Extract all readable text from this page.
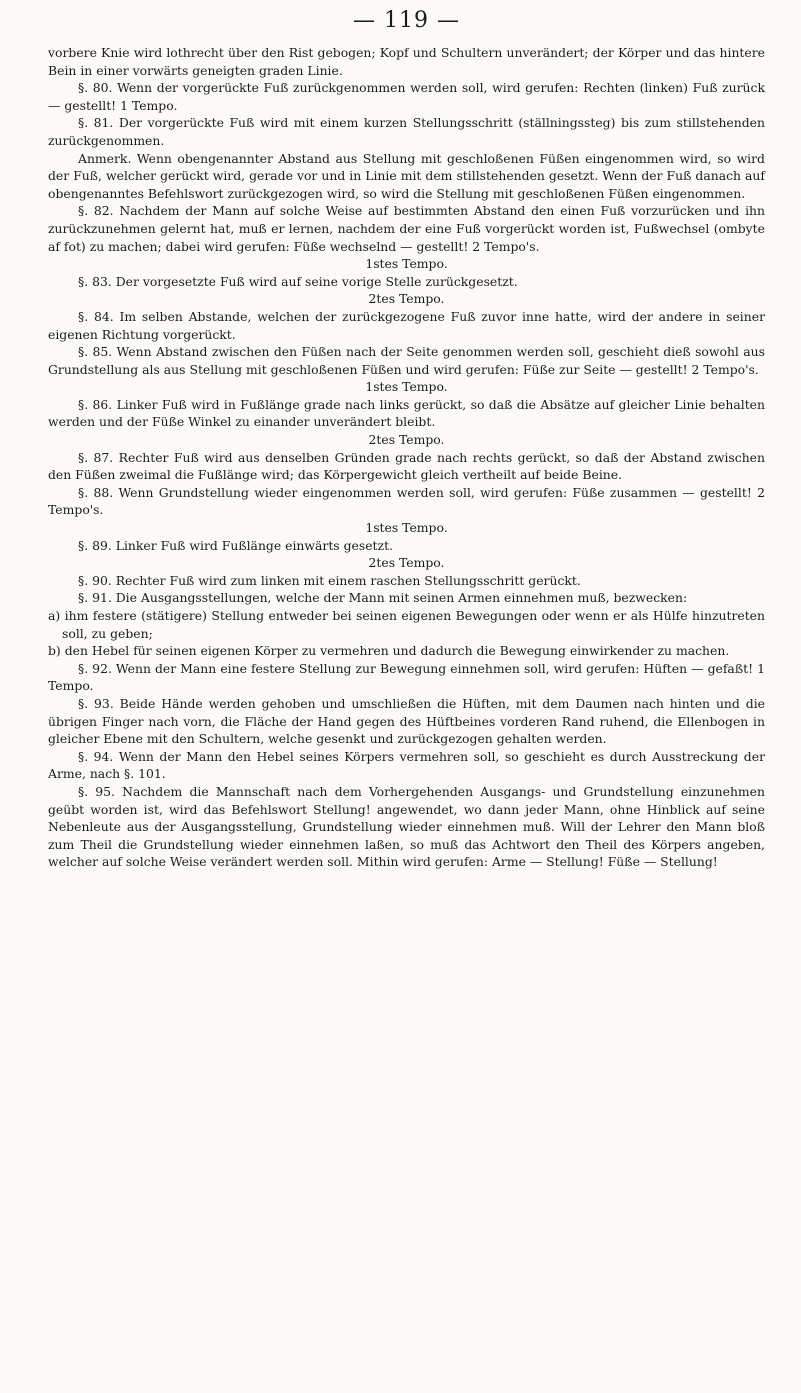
— 119 —

vorbere Knie wird lothrecht über den Rist gebogen; Kopf und Schultern unverändert; der Körper und das hintere Bein in einer vorwärts geneigten graden Linie.

§. 80. Wenn der vorgerückte Fuß zurückgenommen werden soll, wird gerufen: Rechten (linken) Fuß zurück — gestellt! 1 Tempo.

§. 81. Der vorgerückte Fuß wird mit einem kurzen Stellungsschritt (ställningssteg) bis zum stillstehenden zurückgenommen.

Anmerk. Wenn obengenannter Abstand aus Stellung mit geschloßenen Füßen eingenommen wird, so wird der Fuß, welcher gerückt wird, gerade vor und in Linie mit dem stillstehenden gesetzt. Wenn der Fuß danach auf obengenanntes Befehlswort zurückgezogen wird, so wird die Stellung mit geschloßenen Füßen eingenommen.

§. 82. Nachdem der Mann auf solche Weise auf bestimmten Abstand den einen Fuß vorzurücken und ihn zurückzunehmen gelernt hat, muß er lernen, nachdem der eine Fuß vorgerückt worden ist, Fußwechsel (ombyte af fot) zu machen; dabei wird gerufen: Füße wechselnd — gestellt! 2 Tempo's.

1stes Tempo.

§. 83. Der vorgesetzte Fuß wird auf seine vorige Stelle zurückgesetzt.

2tes Tempo.

§. 84. Im selben Abstande, welchen der zurückgezogene Fuß zuvor inne hatte, wird der andere in seiner eigenen Richtung vorgerückt.

§. 85. Wenn Abstand zwischen den Füßen nach der Seite genommen werden soll, geschieht dieß sowohl aus Grundstellung als aus Stellung mit geschloßenen Füßen und wird gerufen: Füße zur Seite — gestellt! 2 Tempo's.

1stes Tempo.

§. 86. Linker Fuß wird in Fußlänge grade nach links gerückt, so daß die Absätze auf gleicher Linie behalten werden und der Füße Winkel zu einander unverändert bleibt.

2tes Tempo.

§. 87. Rechter Fuß wird aus denselben Gründen grade nach rechts gerückt, so daß der Abstand zwischen den Füßen zweimal die Fußlänge wird; das Körpergewicht gleich vertheilt auf beide Beine.

§. 88. Wenn Grundstellung wieder eingenommen werden soll, wird gerufen: Füße zusammen — gestellt! 2 Tempo's.

1stes Tempo.

§. 89. Linker Fuß wird Fußlänge einwärts gesetzt.

2tes Tempo.

§. 90. Rechter Fuß wird zum linken mit einem raschen Stellungsschritt gerückt.

§. 91. Die Ausgangsstellungen, welche der Mann mit seinen Armen einnehmen muß, bezwecken:

a) ihm festere (stätigere) Stellung entweder bei seinen eigenen Bewegungen oder wenn er als Hülfe hinzutreten soll, zu geben;

b) den Hebel für seinen eigenen Körper zu vermehren und dadurch die Bewegung einwirkender zu machen.

§. 92. Wenn der Mann eine festere Stellung zur Bewegung einnehmen soll, wird gerufen: Hüften — gefaßt! 1 Tempo.

§. 93. Beide Hände werden gehoben und umschließen die Hüften, mit dem Daumen nach hinten und die übrigen Finger nach vorn, die Fläche der Hand gegen des Hüftbeines vorderen Rand ruhend, die Ellenbogen in gleicher Ebene mit den Schultern, welche gesenkt und zurückgezogen gehalten werden.

§. 94. Wenn der Mann den Hebel seines Körpers vermehren soll, so geschieht es durch Ausstreckung der Arme, nach §. 101.

§. 95. Nachdem die Mannschaft nach dem Vorhergehenden Ausgangs- und Grundstellung einzunehmen geübt worden ist, wird das Befehlswort Stellung! angewendet, wo dann jeder Mann, ohne Hinblick auf seine Nebenleute aus der Ausgangsstellung, Grundstellung wieder einnehmen muß. Will der Lehrer den Mann bloß zum Theil die Grundstellung wieder einnehmen laßen, so muß das Achtwort den Theil des Körpers angeben, welcher auf solche Weise verändert werden soll. Mithin wird gerufen: Arme — Stellung! Füße — Stellung!
